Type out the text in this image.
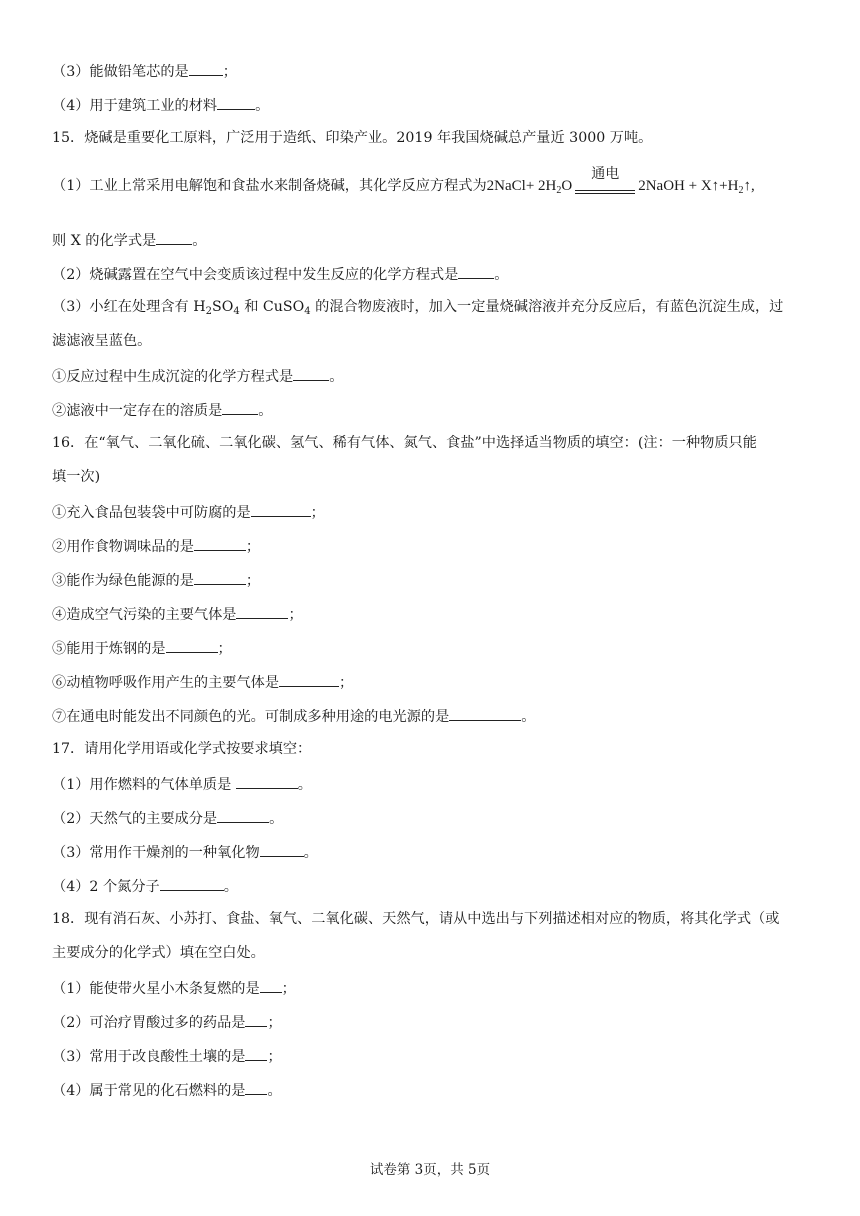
（3）能做铅笔芯的是 ；
（4）用于建筑工业的材料	。
15．烧碱是重要化工原料，广泛用于造纸、印染产业。2019 年我国烧碱总产量近 3000 万吨。
（1）工业上常采用电解饱和食盐水来制备烧碱，其化学反应方程式为2NaCl+ $2H_2O$
通电
2NaOH + $X↑+H_2↑$,
则 X 的化学式是	。
（2）烧碱露置在空气中会变质该过程中发生反应的化学方程式是	。
（3）小红在处理含有 $H_2SO_4$ 和 CuSO$_4$ 的混合物废液时，加入一定量烧碱溶液并充分反应后，有蓝色沉淀生成，过
滤滤液呈蓝色。
①反应过程中生成沉淀的化学方程式是	。
②滤液中一定存在的溶质是	。
16．在“氧气、二氧化硫、二氧化碳、氢气、稀有气体、氮气、食盐”中选择适当物质的填空：(注：一种物质只能
填一次)
①充入食品包装袋中可防腐的是	；
②用作食物调味品的是	；
③能作为绿色能源的是	；
④造成空气污染的主要气体是	；
⑤能用于炼钢的是	；
⑥动植物呼吸作用产生的主要气体是	；
⑦在通电时能发出不同颜色的光。可制成多种用途的电光源的是	。
17．请用化学用语或化学式按要求填空：
（1）用作燃料的气体单质是	。
（2）天然气的主要成分是	。
（3）常用作干燥剂的一种氧化物	。
（4）2 个氮分子	。
18．现有消石灰、小苏打、食盐、氧气、二氧化碳、天然气，请从中选出与下列描述相对应的物质，将其化学式（或
主要成分的化学式）填在空白处。
（1）能使带火星小木条复燃的是 ；
（2）可治疗胃酸过多的药品是 ；
（3）常用于改良酸性土壤的是 ；
（4）属于常见的化石燃料的是 。
试卷第 3页，共 5页
